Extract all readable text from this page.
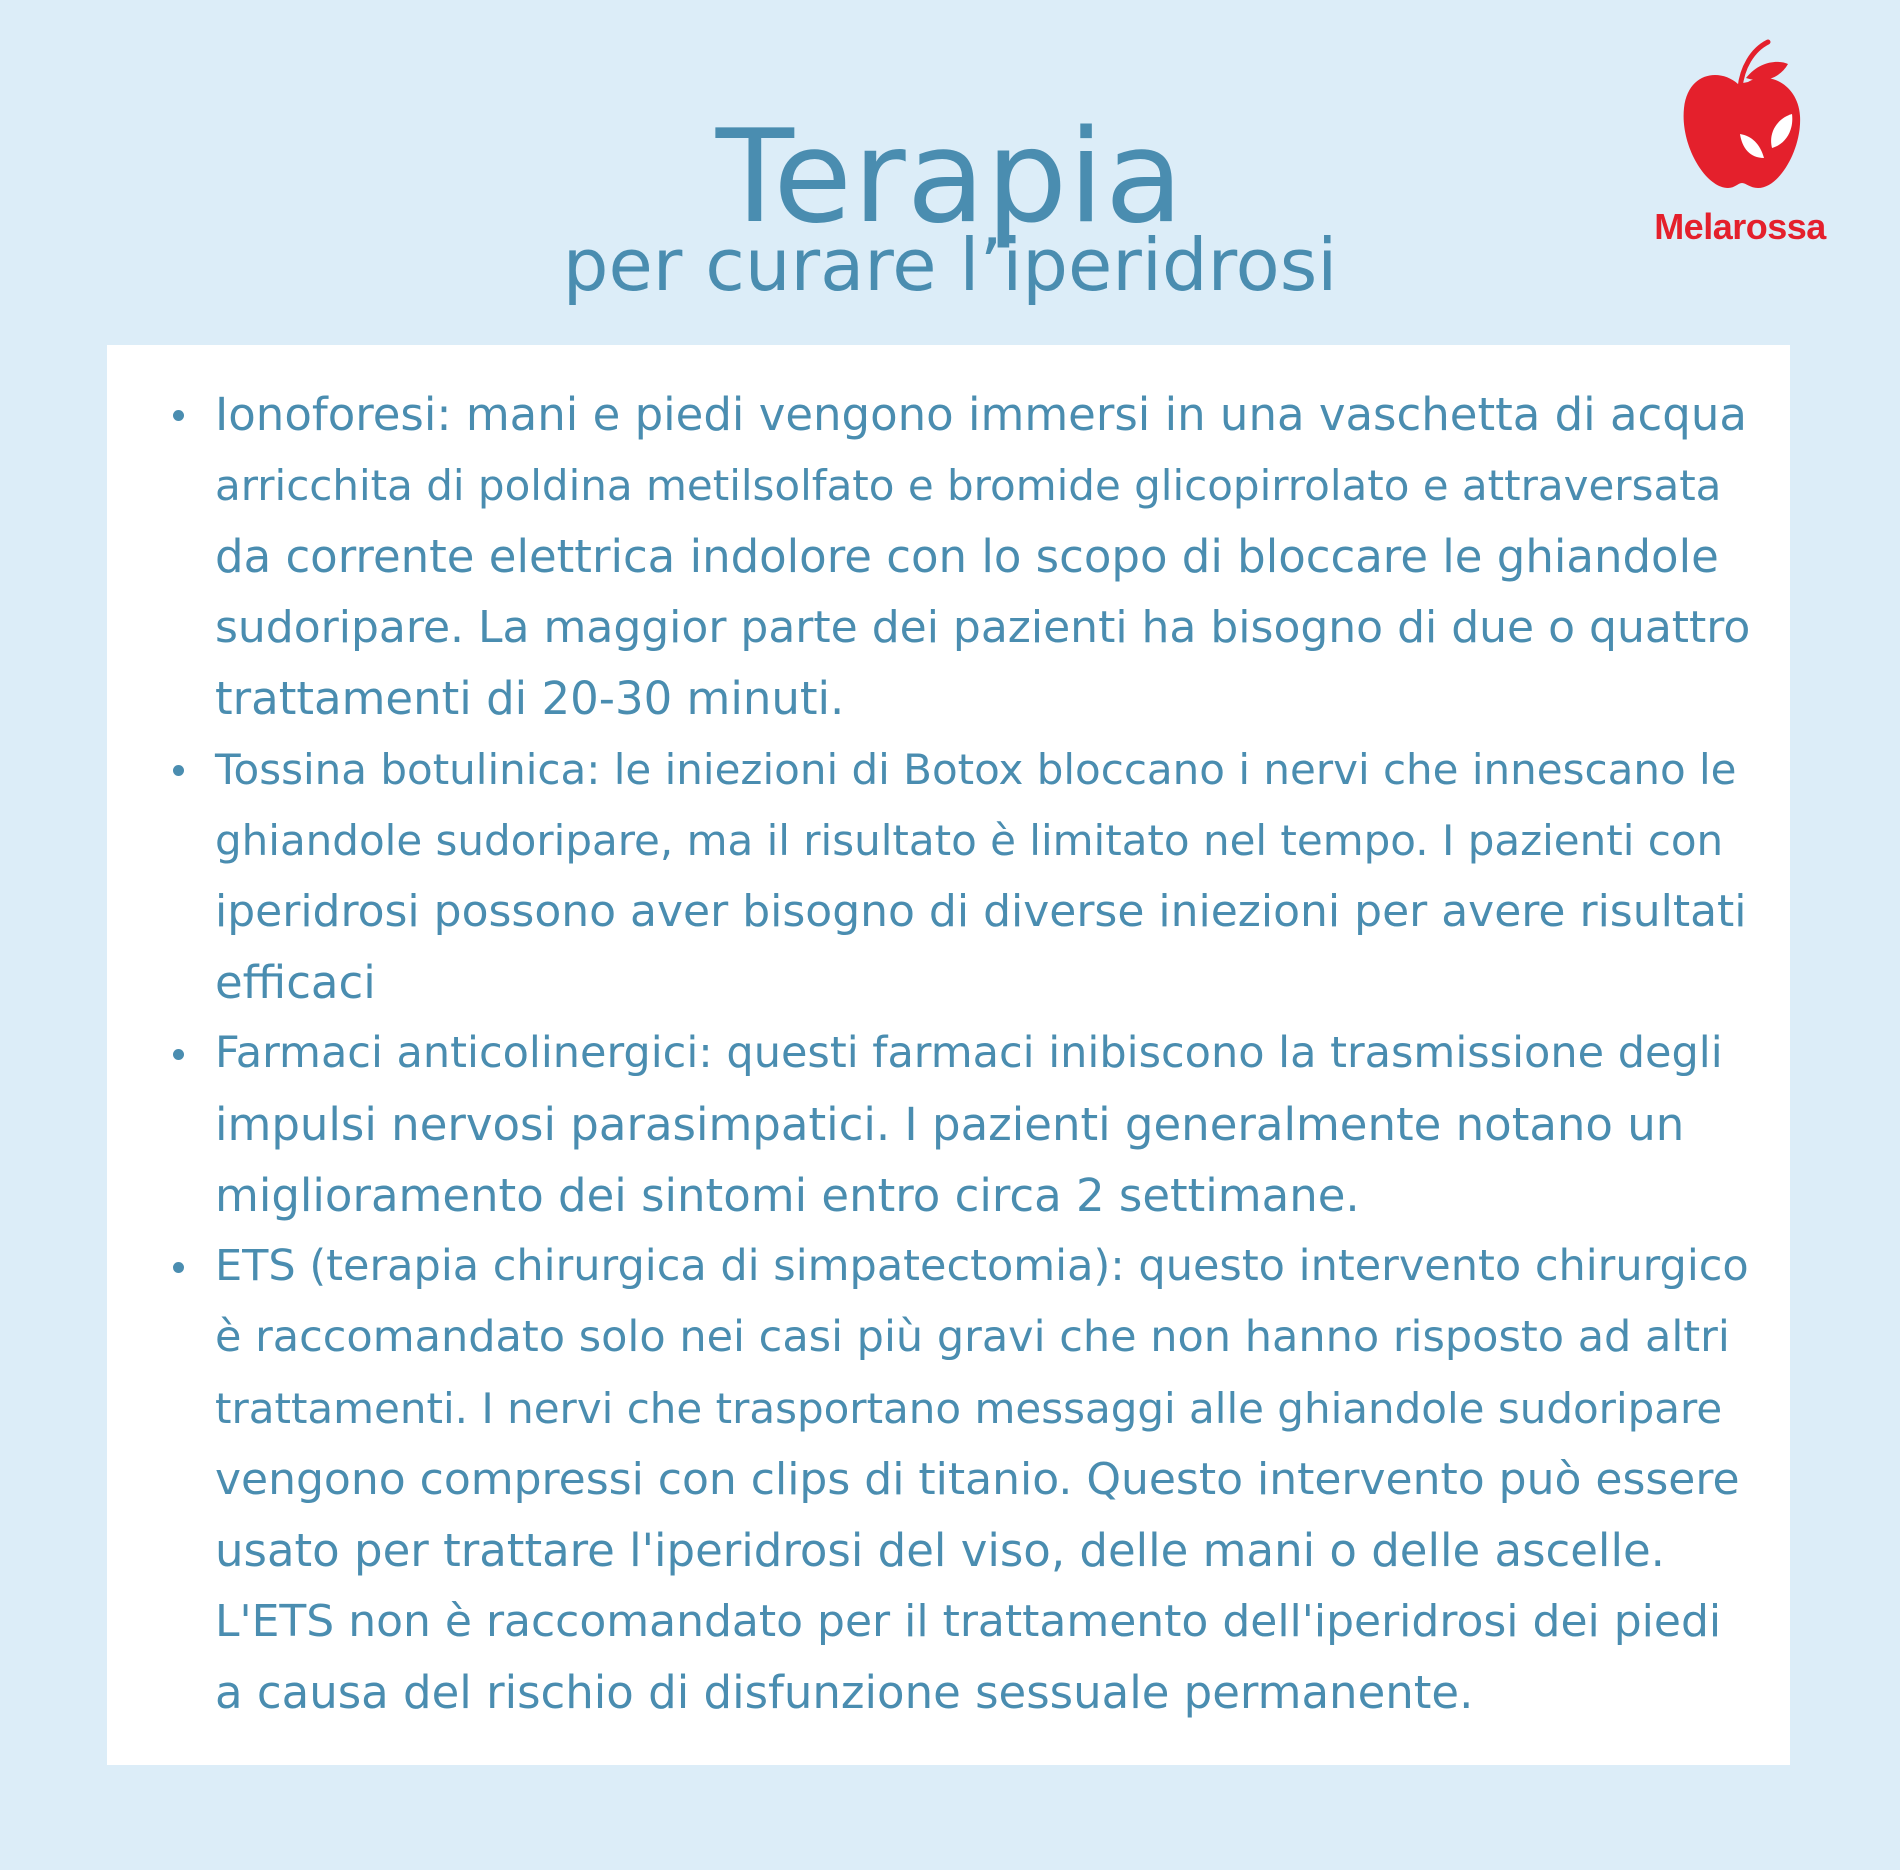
Terapia
per curare l’iperidrosi	Melarossa
Ionoforesi: mani e piedi vengono immersi in una vaschetta di acqua
arricchita di poldina metilsolfato e bromide glicopirrolato e attraversata
da corrente elettrica indolore con lo scopo di bloccare le ghiandole
sudoripare. La maggior parte dei pazienti ha bisogno di due o quattro
trattamenti di 20-30 minuti.
Tossina botulinica: le iniezioni di Botox bloccano i nervi che innescano le
ghiandole sudoripare, ma il risultato è limitato nel tempo. I pazienti con
iperidrosi possono aver bisogno di diverse iniezioni per avere risultati
efficaci
Farmaci anticolinergici: questi farmaci inibiscono la trasmissione degli
impulsi nervosi parasimpatici. I pazienti generalmente notano un
miglioramento dei sintomi entro circa 2 settimane.
ETS (terapia chirurgica di simpatectomia): questo intervento chirurgico
è raccomandato solo nei casi più gravi che non hanno risposto ad altri
trattamenti. I nervi che trasportano messaggi alle ghiandole sudoripare
vengono compressi con clips di titanio. Questo intervento può essere
usato per trattare l'iperidrosi del viso, delle mani o delle ascelle.
L'ETS non è raccomandato per il trattamento dell'iperidrosi dei piedi
a causa del rischio di disfunzione sessuale permanente.
